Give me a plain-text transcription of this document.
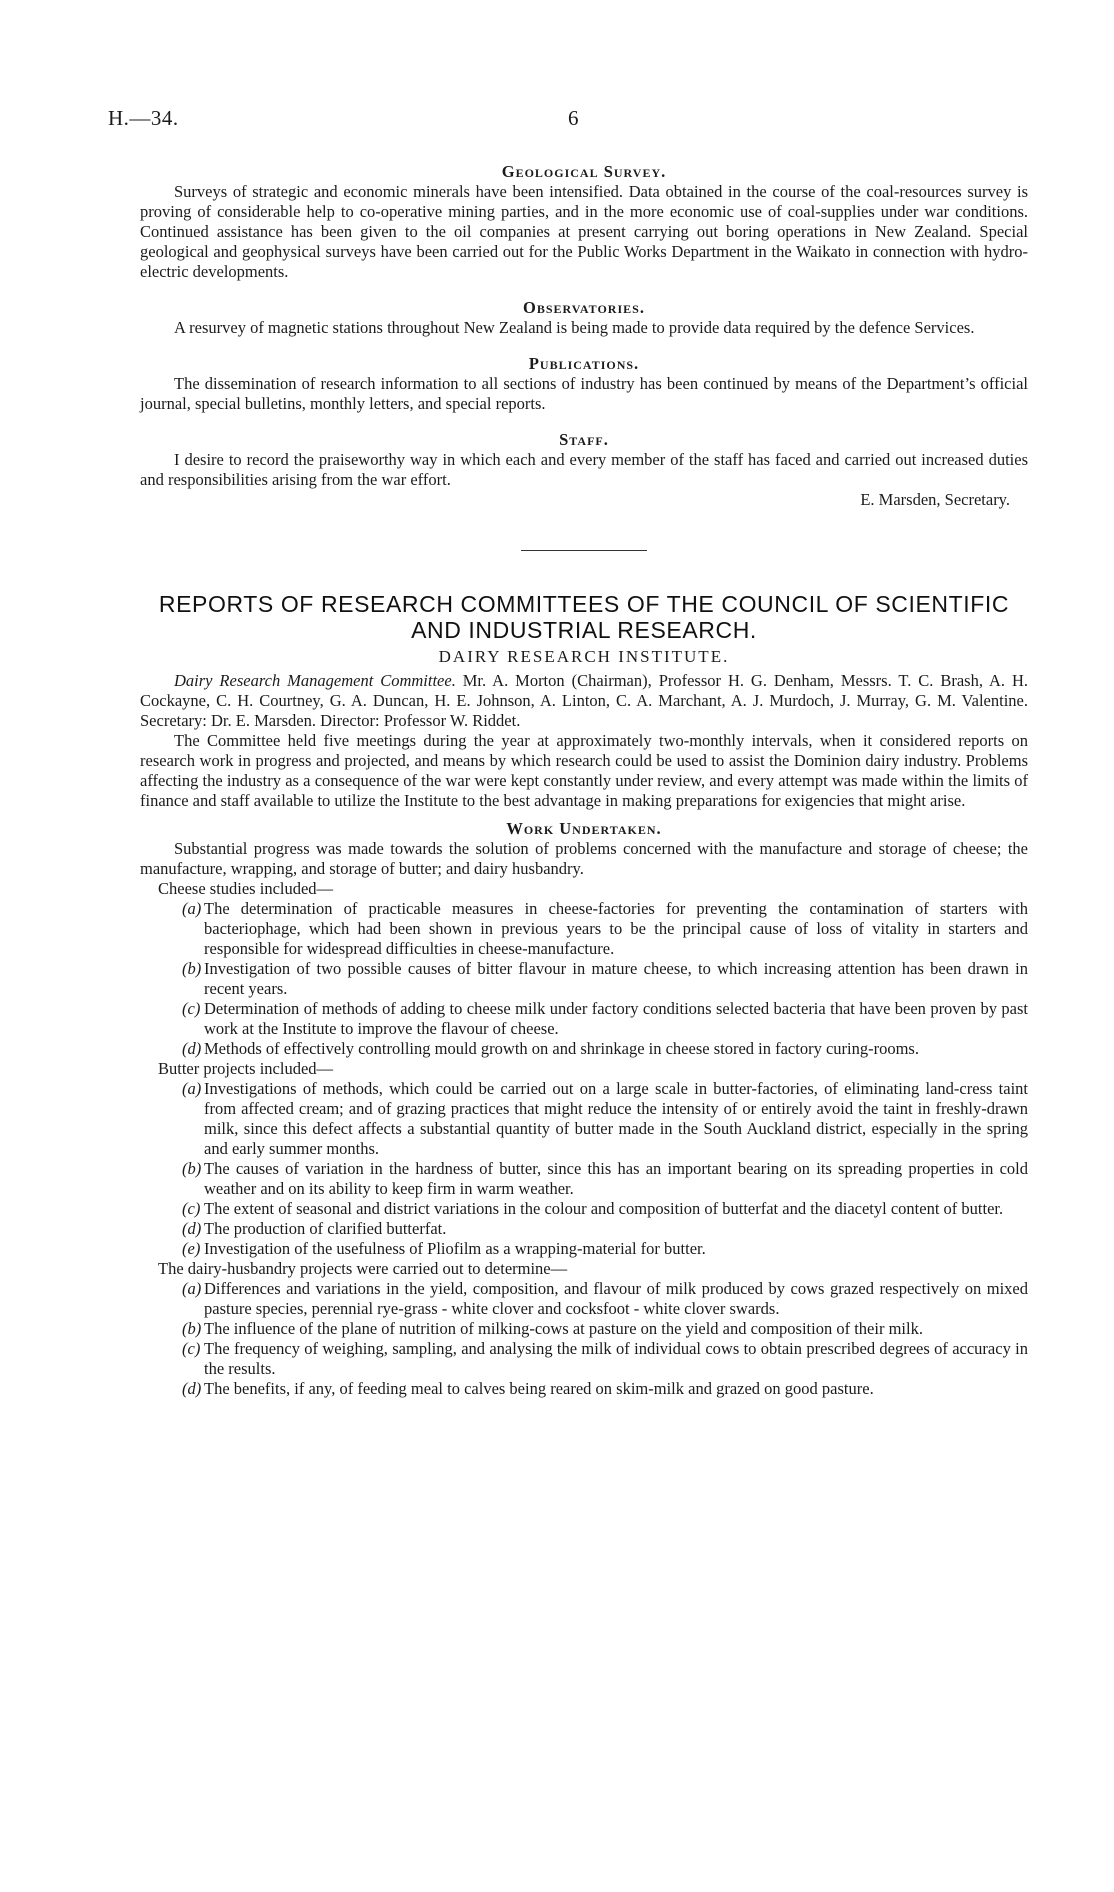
H.—34.	6
Geological Survey.

Surveys of strategic and economic minerals have been intensified. Data obtained in the course of the coal-resources survey is proving of considerable help to co-operative mining parties, and in the more economic use of coal-supplies under war conditions. Continued assistance has been given to the oil companies at present carrying out boring operations in New Zealand. Special geological and geophysical surveys have been carried out for the Public Works Department in the Waikato in connection with hydro-electric developments.

Observatories.

A resurvey of magnetic stations throughout New Zealand is being made to provide data required by the defence Services.

Publications.

The dissemination of research information to all sections of industry has been continued by means of the Department’s official journal, special bulletins, monthly letters, and special reports.

Staff.

I desire to record the praiseworthy way in which each and every member of the staff has faced and carried out increased duties and responsibilities arising from the war effort.

E. Marsden, Secretary.

REPORTS OF RESEARCH COMMITTEES OF THE COUNCIL OF SCIENTIFIC
AND INDUSTRIAL RESEARCH.
DAIRY RESEARCH INSTITUTE.

Dairy Research Management Committee. Mr. A. Morton (Chairman), Professor H. G. Denham, Messrs. T. C. Brash, A. H. Cockayne, C. H. Courtney, G. A. Duncan, H. E. Johnson, A. Linton, C. A. Marchant, A. J. Murdoch, J. Murray, G. M. Valentine. Secretary: Dr. E. Marsden. Director: Professor W. Riddet.

The Committee held five meetings during the year at approximately two-monthly intervals, when it considered reports on research work in progress and projected, and means by which research could be used to assist the Dominion dairy industry. Problems affecting the industry as a consequence of the war were kept constantly under review, and every attempt was made within the limits of finance and staff available to utilize the Institute to the best advantage in making preparations for exigencies that might arise.

Work Undertaken.

Substantial progress was made towards the solution of problems concerned with the manufacture and storage of cheese; the manufacture, wrapping, and storage of butter; and dairy husbandry.

Cheese studies included—

(a) The determination of practicable measures in cheese-factories for preventing the contamination of starters with bacteriophage, which had been shown in previous years to be the principal cause of loss of vitality in starters and responsible for widespread difficulties in cheese-manufacture.
(b) Investigation of two possible causes of bitter flavour in mature cheese, to which increasing attention has been drawn in recent years.
(c) Determination of methods of adding to cheese milk under factory conditions selected bacteria that have been proven by past work at the Institute to improve the flavour of cheese.
(d) Methods of effectively controlling mould growth on and shrinkage in cheese stored in factory curing-rooms.

Butter projects included—

(a) Investigations of methods, which could be carried out on a large scale in butter-factories, of eliminating land-cress taint from affected cream; and of grazing practices that might reduce the intensity of or entirely avoid the taint in freshly-drawn milk, since this defect affects a substantial quantity of butter made in the South Auckland district, especially in the spring and early summer months.
(b) The causes of variation in the hardness of butter, since this has an important bearing on its spreading properties in cold weather and on its ability to keep firm in warm weather.
(c) The extent of seasonal and district variations in the colour and composition of butterfat and the diacetyl content of butter.
(d) The production of clarified butterfat.
(e) Investigation of the usefulness of Pliofilm as a wrapping-material for butter.

The dairy-husbandry projects were carried out to determine—

(a) Differences and variations in the yield, composition, and flavour of milk produced by cows grazed respectively on mixed pasture species, perennial rye-grass - white clover and cocksfoot - white clover swards.
(b) The influence of the plane of nutrition of milking-cows at pasture on the yield and composition of their milk.
(c) The frequency of weighing, sampling, and analysing the milk of individual cows to obtain prescribed degrees of accuracy in the results.
(d) The benefits, if any, of feeding meal to calves being reared on skim-milk and grazed on good pasture.
